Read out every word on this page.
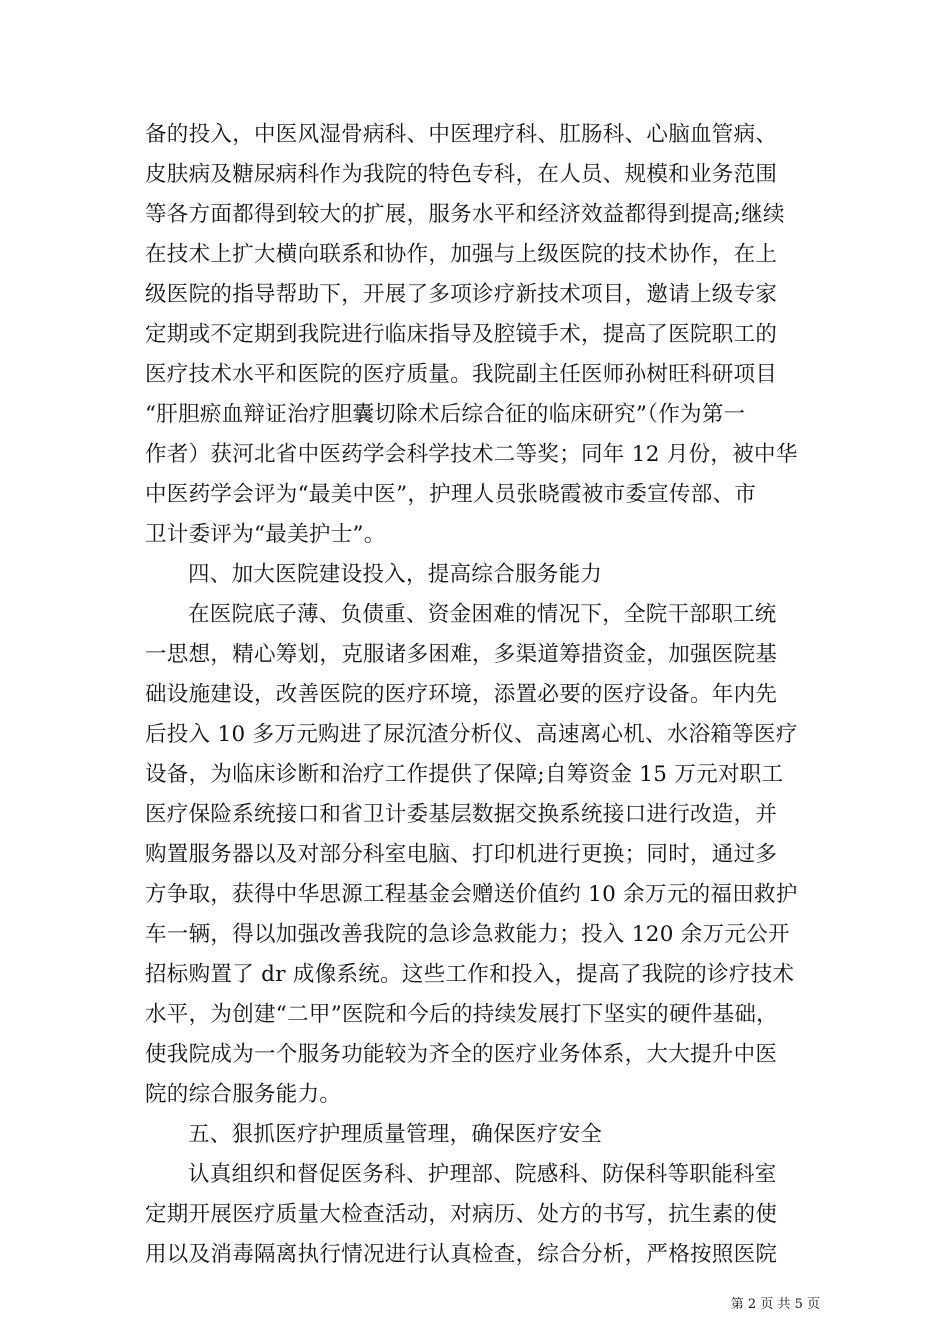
备的投入，中医风湿骨病科、中医理疗科、肛肠科、心脑血管病、
皮肤病及糖尿病科作为我院的特色专科，在人员、规模和业务范围
等各方面都得到较大的扩展，服务水平和经济效益都得到提高;继续
在技术上扩大横向联系和协作，加强与上级医院的技术协作，在上
级医院的指导帮助下，开展了多项诊疗新技术项目，邀请上级专家
定期或不定期到我院进行临床指导及腔镜手术，提高了医院职工的
医疗技术水平和医院的医疗质量。我院副主任医师孙树旺科研项目
“肝胆瘀血辩证治疗胆囊切除术后综合征的临床研究”（作为第一
作者）获河北省中医药学会科学技术二等奖；同年 12 月份，被中华
中医药学会评为“最美中医”，护理人员张晓霞被市委宣传部、市
卫计委评为“最美护士”。
四、加大医院建设投入，提高综合服务能力
在医院底子薄、负债重、资金困难的情况下，全院干部职工统
一思想，精心筹划，克服诸多困难，多渠道筹措资金，加强医院基
础设施建设，改善医院的医疗环境，添置必要的医疗设备。年内先
后投入 10 多万元购进了尿沉渣分析仪、高速离心机、水浴箱等医疗
设备，为临床诊断和治疗工作提供了保障;自筹资金 15 万元对职工
医疗保险系统接口和省卫计委基层数据交换系统接口进行改造，并
购置服务器以及对部分科室电脑、打印机进行更换；同时，通过多
方争取，获得中华思源工程基金会赠送价值约 10 余万元的福田救护
车一辆，得以加强改善我院的急诊急救能力；投入 120 余万元公开
招标购置了 dr 成像系统。这些工作和投入，提高了我院的诊疗技术
水平，为创建“二甲”医院和今后的持续发展打下坚实的硬件基础，
使我院成为一个服务功能较为齐全的医疗业务体系，大大提升中医
院的综合服务能力。
五、狠抓医疗护理质量管理，确保医疗安全
认真组织和督促医务科、护理部、院感科、防保科等职能科室
定期开展医疗质量大检查活动，对病历、处方的书写，抗生素的使
用以及消毒隔离执行情况进行认真检查，综合分析，严格按照医院
第 2 页 共 5 页
